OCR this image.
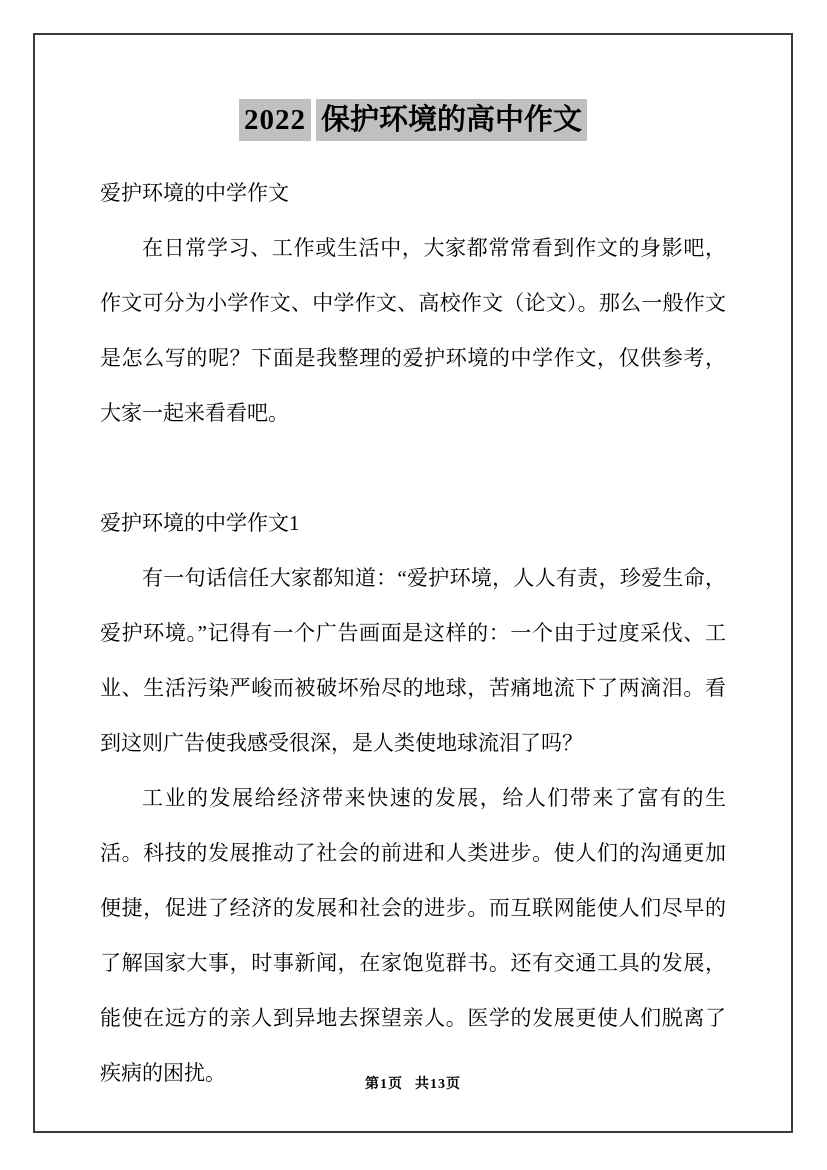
2022 保护环境的高中作文

爱护环境的中学作文

在日常学习、工作或生活中，大家都常常看到作文的身影吧，作文可分为小学作文、中学作文、高校作文（论文）。那么一般作文是怎么写的呢？下面是我整理的爱护环境的中学作文，仅供参考，大家一起来看看吧。

爱护环境的中学作文1

有一句话信任大家都知道：“爱护环境，人人有责，珍爱生命，爱护环境。”记得有一个广告画面是这样的：一个由于过度采伐、工业、生活污染严峻而被破坏殆尽的地球，苦痛地流下了两滴泪。看到这则广告使我感受很深，是人类使地球流泪了吗？

工业的发展给经济带来快速的发展，给人们带来了富有的生活。科技的发展推动了社会的前进和人类进步。使人们的沟通更加便捷，促进了经济的发展和社会的进步。而互联网能使人们尽早的了解国家大事，时事新闻，在家饱览群书。还有交通工具的发展，能使在远方的亲人到异地去探望亲人。医学的发展更使人们脱离了疾病的困扰。	第1页 共13页
